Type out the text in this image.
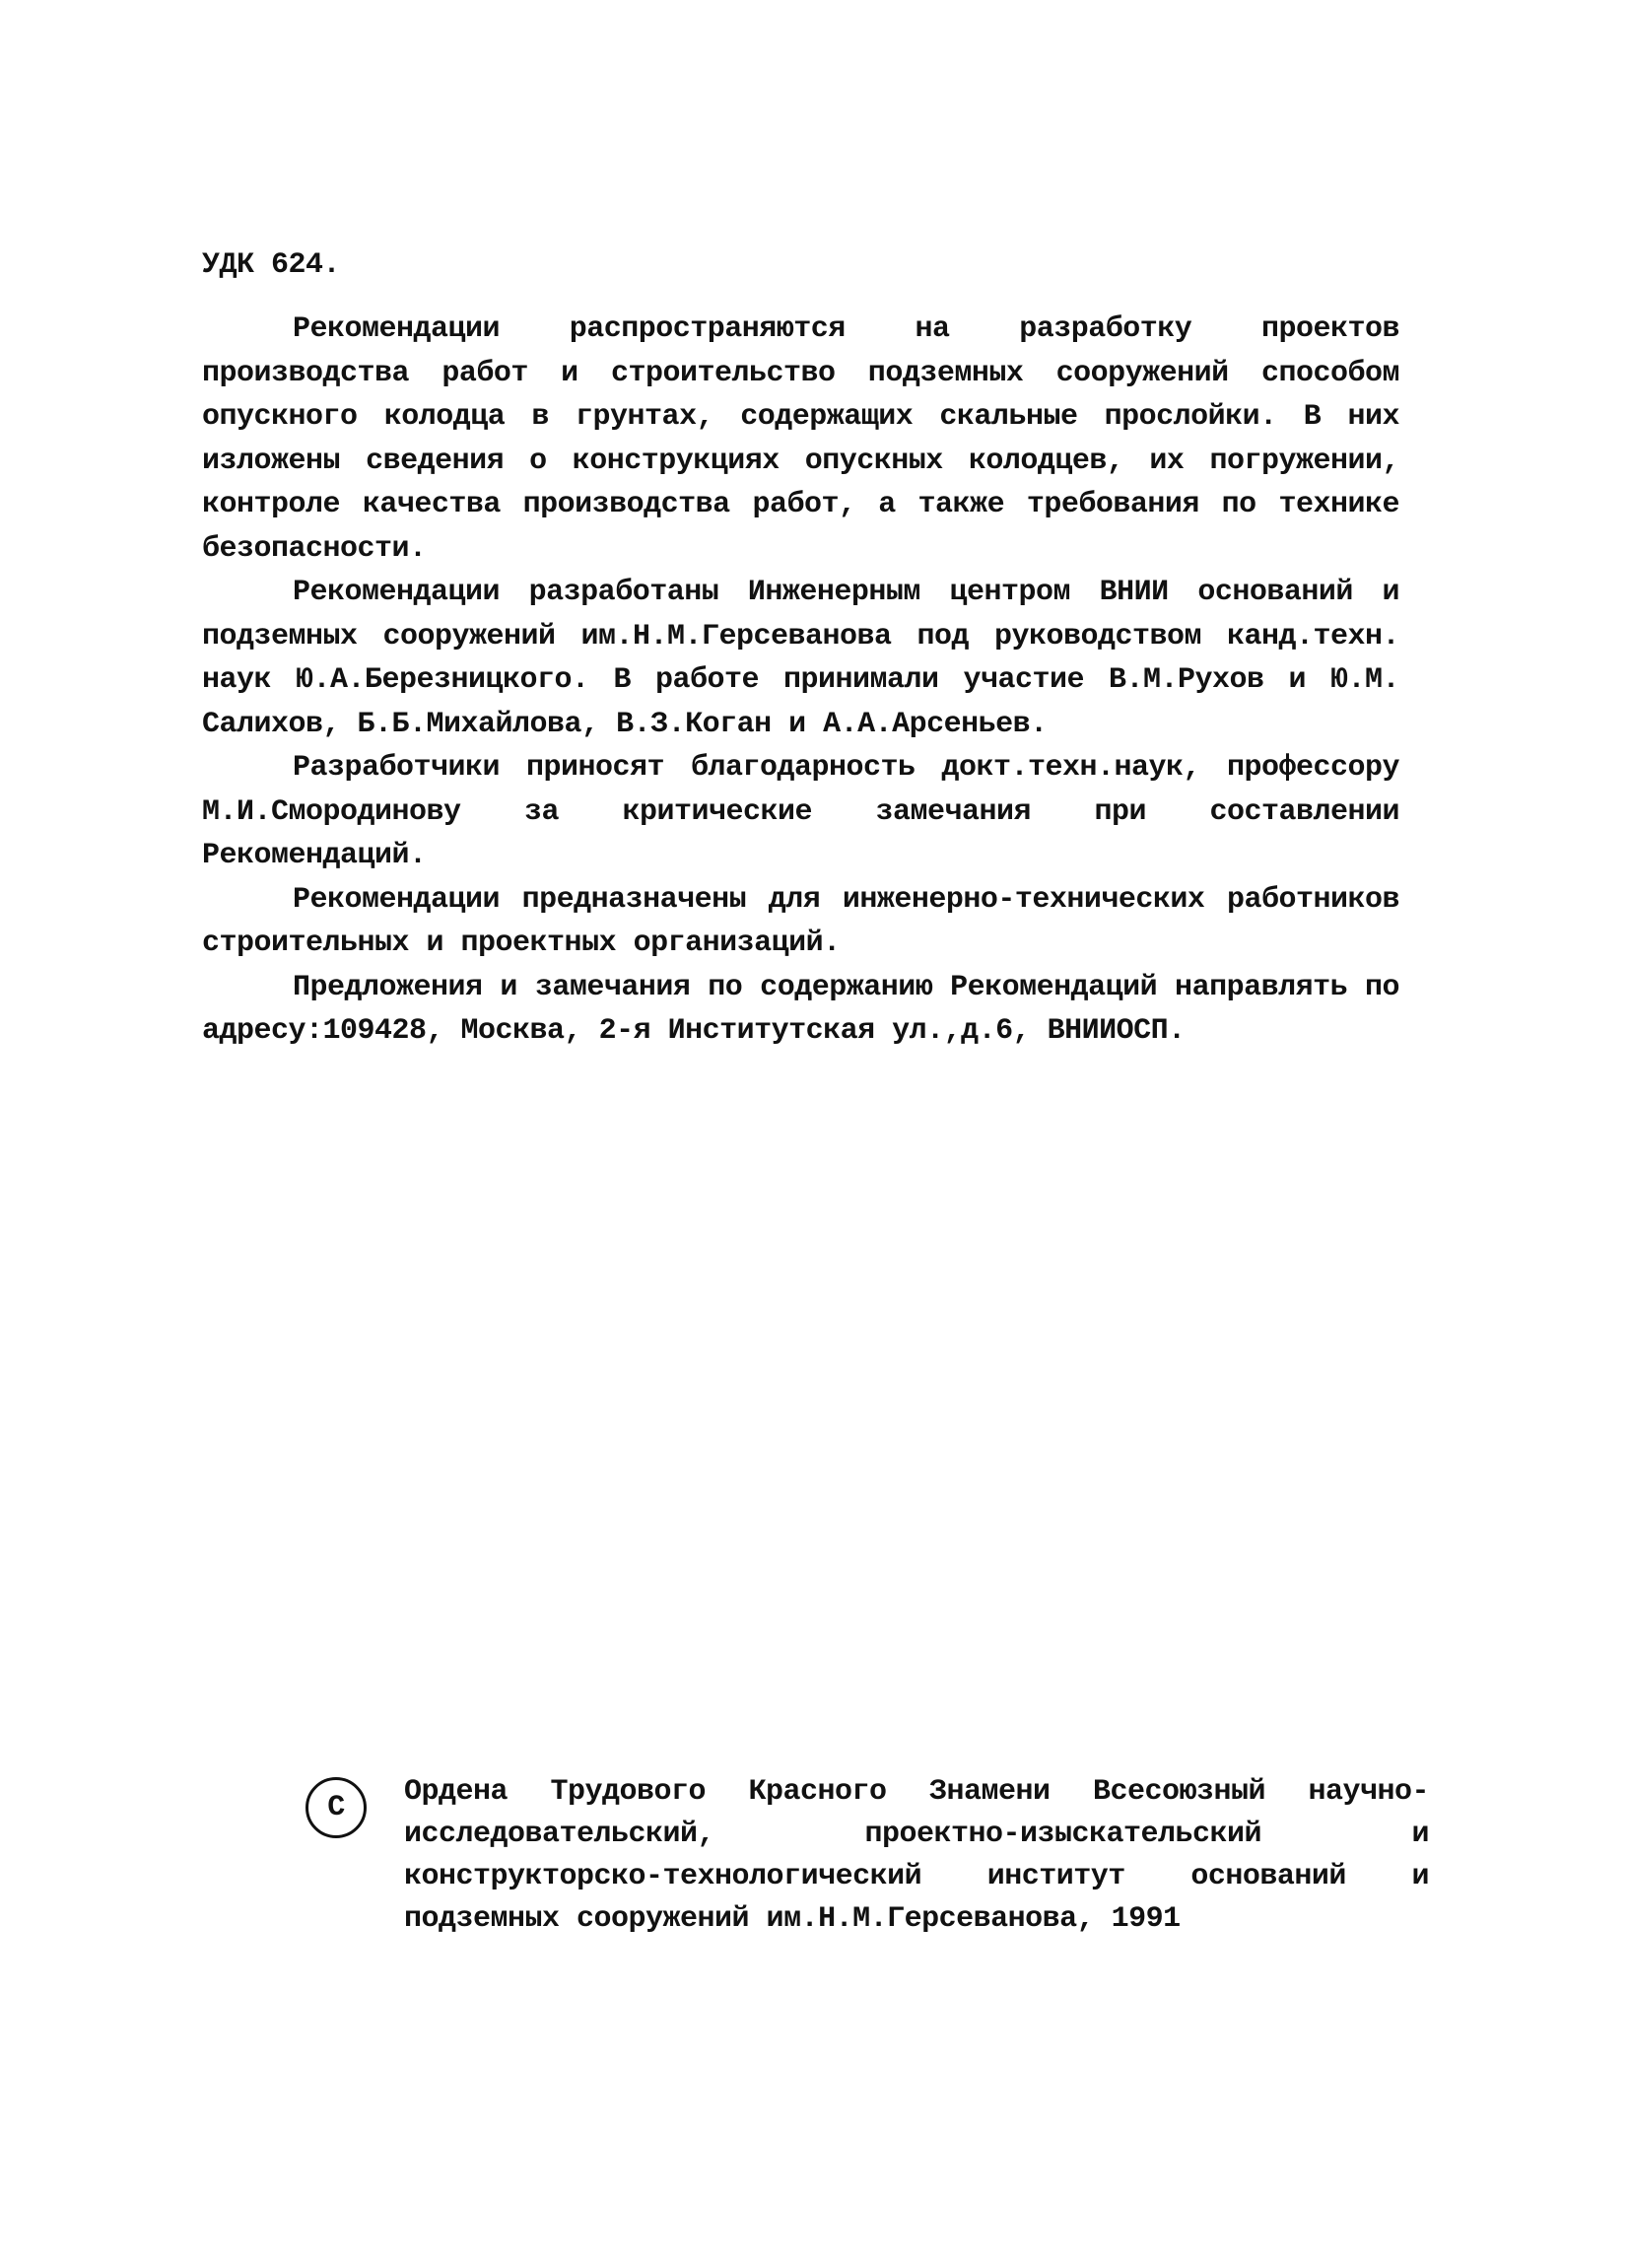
УДК 624.

Рекомендации распространяются на разработку проектов производства работ и строительство подземных сооружений способом опускного колодца в грунтах, содержащих скальные прослойки. В них изложены сведения о конструкциях опускных колодцев, их погружении, контроле качества производства работ, а также требования по технике безопасности.

Рекомендации разработаны Инженерным центром ВНИИ оснований и подземных сооружений им.Н.М.Герсеванова под руководством канд.техн. наук Ю.А.Березницкого. В работе принимали участие В.М.Рухов и Ю.М. Салихов, Б.Б.Михайлова, В.З.Коган и А.А.Арсеньев.

Разработчики приносят благодарность докт.техн.наук, профессору М.И.Смородинову за критические замечания при составлении Рекомендаций.

Рекомендации предназначены для инженерно-технических работников строительных и проектных организаций.

Предложения и замечания по содержанию Рекомендаций направлять по адресу:109428, Москва, 2-я Институтская ул.,д.6, ВНИИОСП.

С	Ордена Трудового Красного Знамени Всесоюзный научно-исследовательский, проектно-изыскательский и конструкторско-технологический институт оснований и подземных сооружений им.Н.М.Герсеванова, 1991
